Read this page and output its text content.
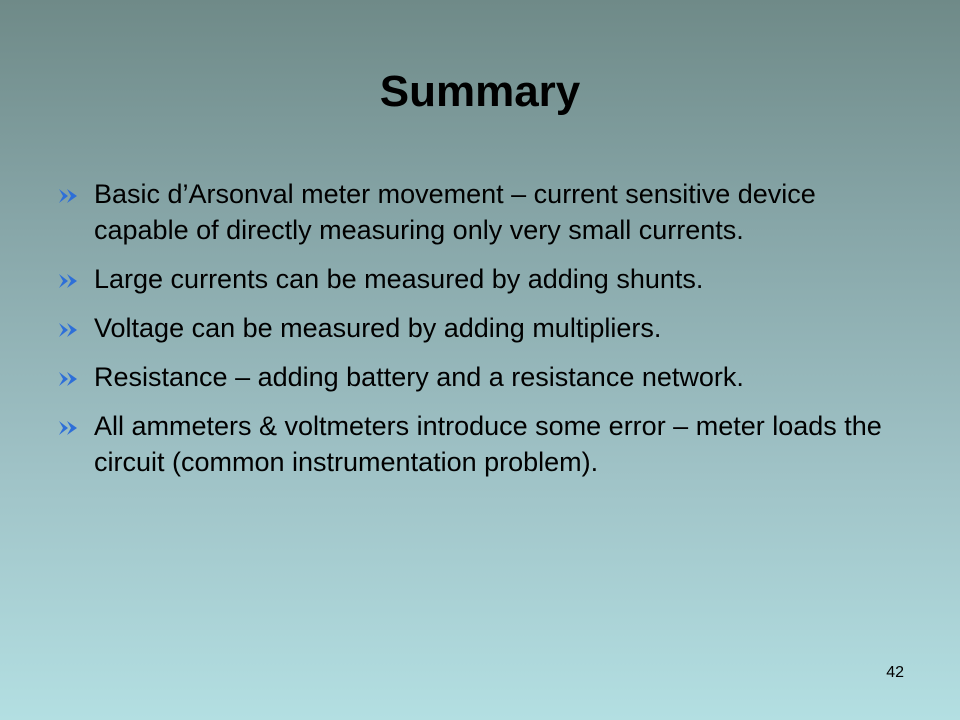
Summary
Basic d’Arsonval meter movement – current sensitive device capable of directly measuring only very small currents.
Large currents can be measured by adding shunts.
Voltage can be measured by adding multipliers.
Resistance – adding battery and a resistance network.
All ammeters & voltmeters introduce some error – meter loads the circuit (common instrumentation problem).
42
